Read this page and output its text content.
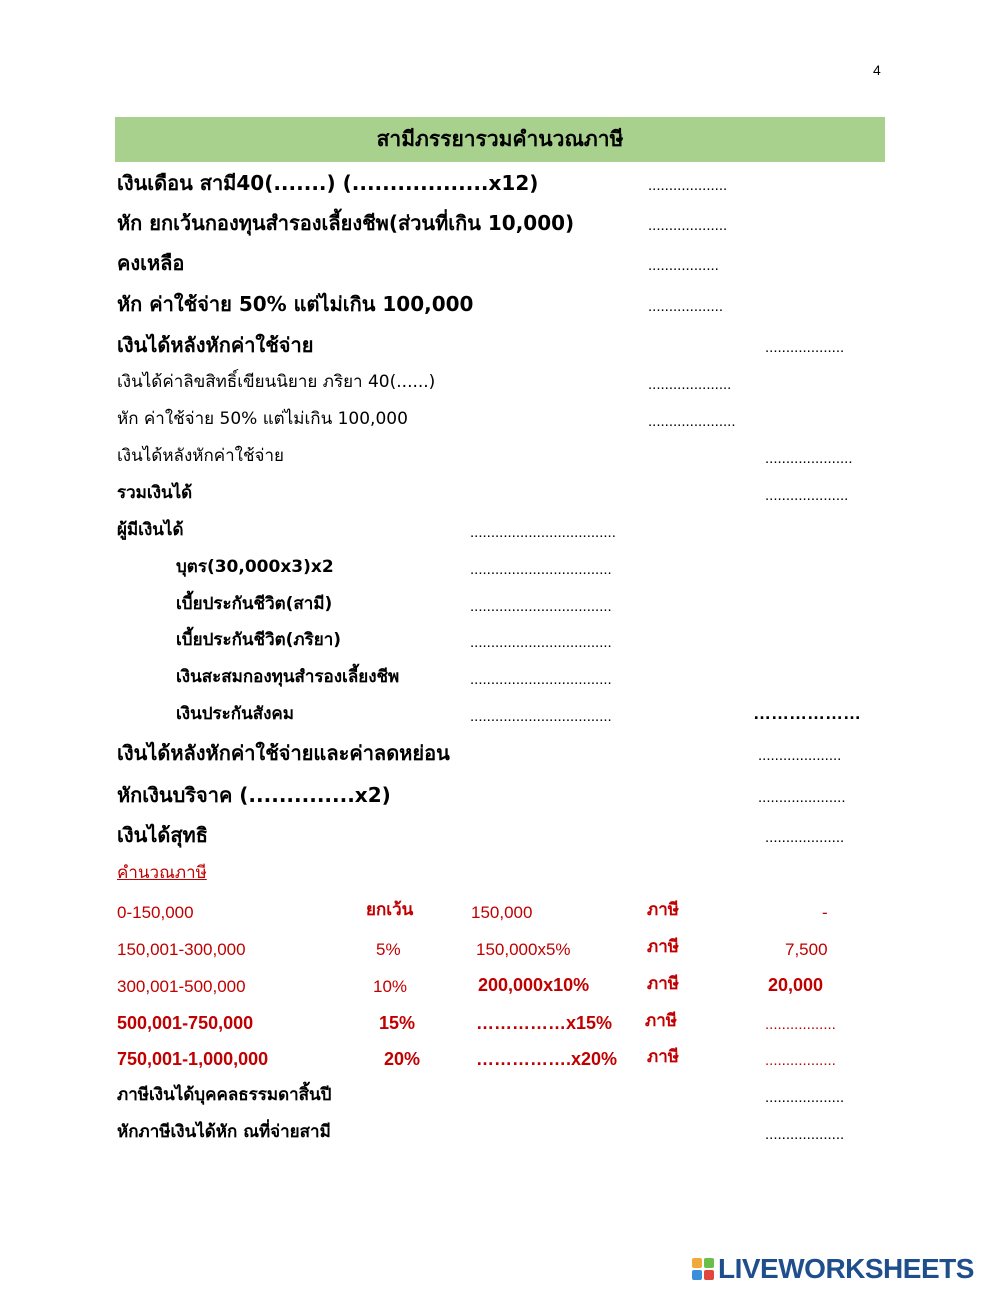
4
สามีภรรยารวมคำนวณภาษี
เงินเดือน สามี40(.......) (..................x12)	...................
หัก ยกเว้นกองทุนสำรองเลี้ยงชีพ(ส่วนที่เกิน 10,000)	...................
คงเหลือ	.................
หัก ค่าใช้จ่าย 50% แต่ไม่เกิน 100,000	..................
เงินได้หลังหักค่าใช้จ่าย	...................
เงินได้ค่าลิขสิทธิ์เขียนนิยาย ภริยา 40(......)	....................
หัก ค่าใช้จ่าย 50% แต่ไม่เกิน 100,000	.....................
เงินได้หลังหักค่าใช้จ่าย	.....................
รวมเงินได้	....................
ผู้มีเงินได้	...................................
บุตร(30,000x3)x2	..................................
เบี้ยประกันชีวิต(สามี)	..................................
เบี้ยประกันชีวิต(ภริยา)	..................................
เงินสะสมกองทุนสำรองเลี้ยงชีพ	..................................
เงินประกันสังคม	..................................	………………
เงินได้หลังหักค่าใช้จ่ายและค่าลดหย่อน	....................
หักเงินบริจาค (..............x2)	.....................
เงินได้สุทธิ	...................
คำนวณภาษี
0-150,000	ยกเว้น	150,000	ภาษี	-
150,001-300,000	5%	150,000x5%	ภาษี	7,500
300,001-500,000	10%	200,000x10%	ภาษี	20,000
500,001-750,000	15%	……………x15% ภาษี	.................
750,001-1,000,000	20%	…………….x20% ภาษี	.................
ภาษีเงินได้บุคคลธรรมดาสิ้นปี	...................
หักภาษีเงินได้หัก ณที่จ่ายสามี	...................
LIVEWORKSHEETS
